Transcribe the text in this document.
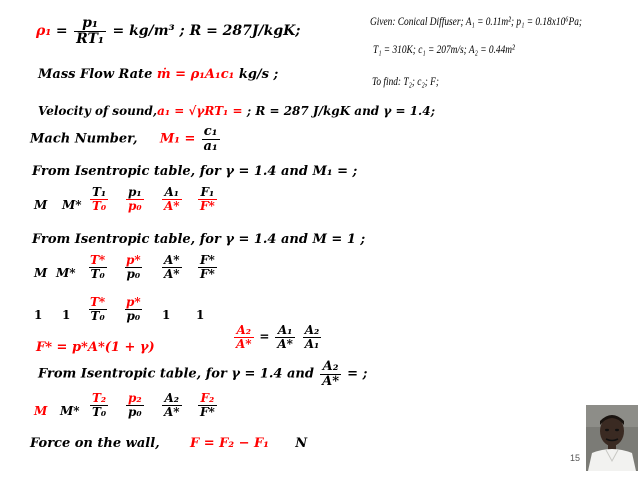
Given: Conical Diffuser; A₁ = 0.11m²; p₁ = 0.18x10⁶Pa;
T₁ = 310K; c₁ = 207m/s; A₂ = 0.44m²
To find: T₂; c₂; F;
$\rho_1 = \frac{\text{p₁}}{\text{RT₁}} = kg/m^3$ ; R = 287J/kgK;
Mass Flow Rate ṁ = ρ₁A₁c₁ kg/s ;
Velocity of sound,a₁ = √γRT₁ = ; R = 287 J/kgK and γ = 1.4;
Mach Number, $M_1 = \frac{\text{c₁}}{\text{a₁}}$
From Isentropic table, for γ = 1.4 and M₁ = ;
M $M* \frac{\text{T₁}}{\text{T₀}} \frac{\text{p₁}}{\text{p₀}} \frac{\text{A₁}}{A*} \frac{\text{F₁}}{F*}$
From Isentropic table, for γ = 1.4 and M = 1 ;
M $M* \frac{T*}{\text{T₀}} \frac{p*}{\text{p₀}} \frac{A*}{A*} \frac{F*}{F*}$
1 $1 \frac{T*}{\text{T₀}} \frac{p*}{\text{p₀}} 1$ 1
F* = p*A*(1 + γ)	$\frac{\text{A₂}}{A*} = \frac{\text{A₁}}{A*}$
$\frac{\text{A₂}}{\text{A₁}}$
From Isentropic table, for γ = 1.4 and $\frac{\text{A₂}}{A*}$ = ;
M $M* \frac{\text{T₂}}{\text{T₀}} \frac{\text{p₂}}{\text{p₀}} \frac{\text{A₂}}{A*} \frac{\text{F₂}}{F*}$
Force on the wall, F = F₂ − F₁ N
15
